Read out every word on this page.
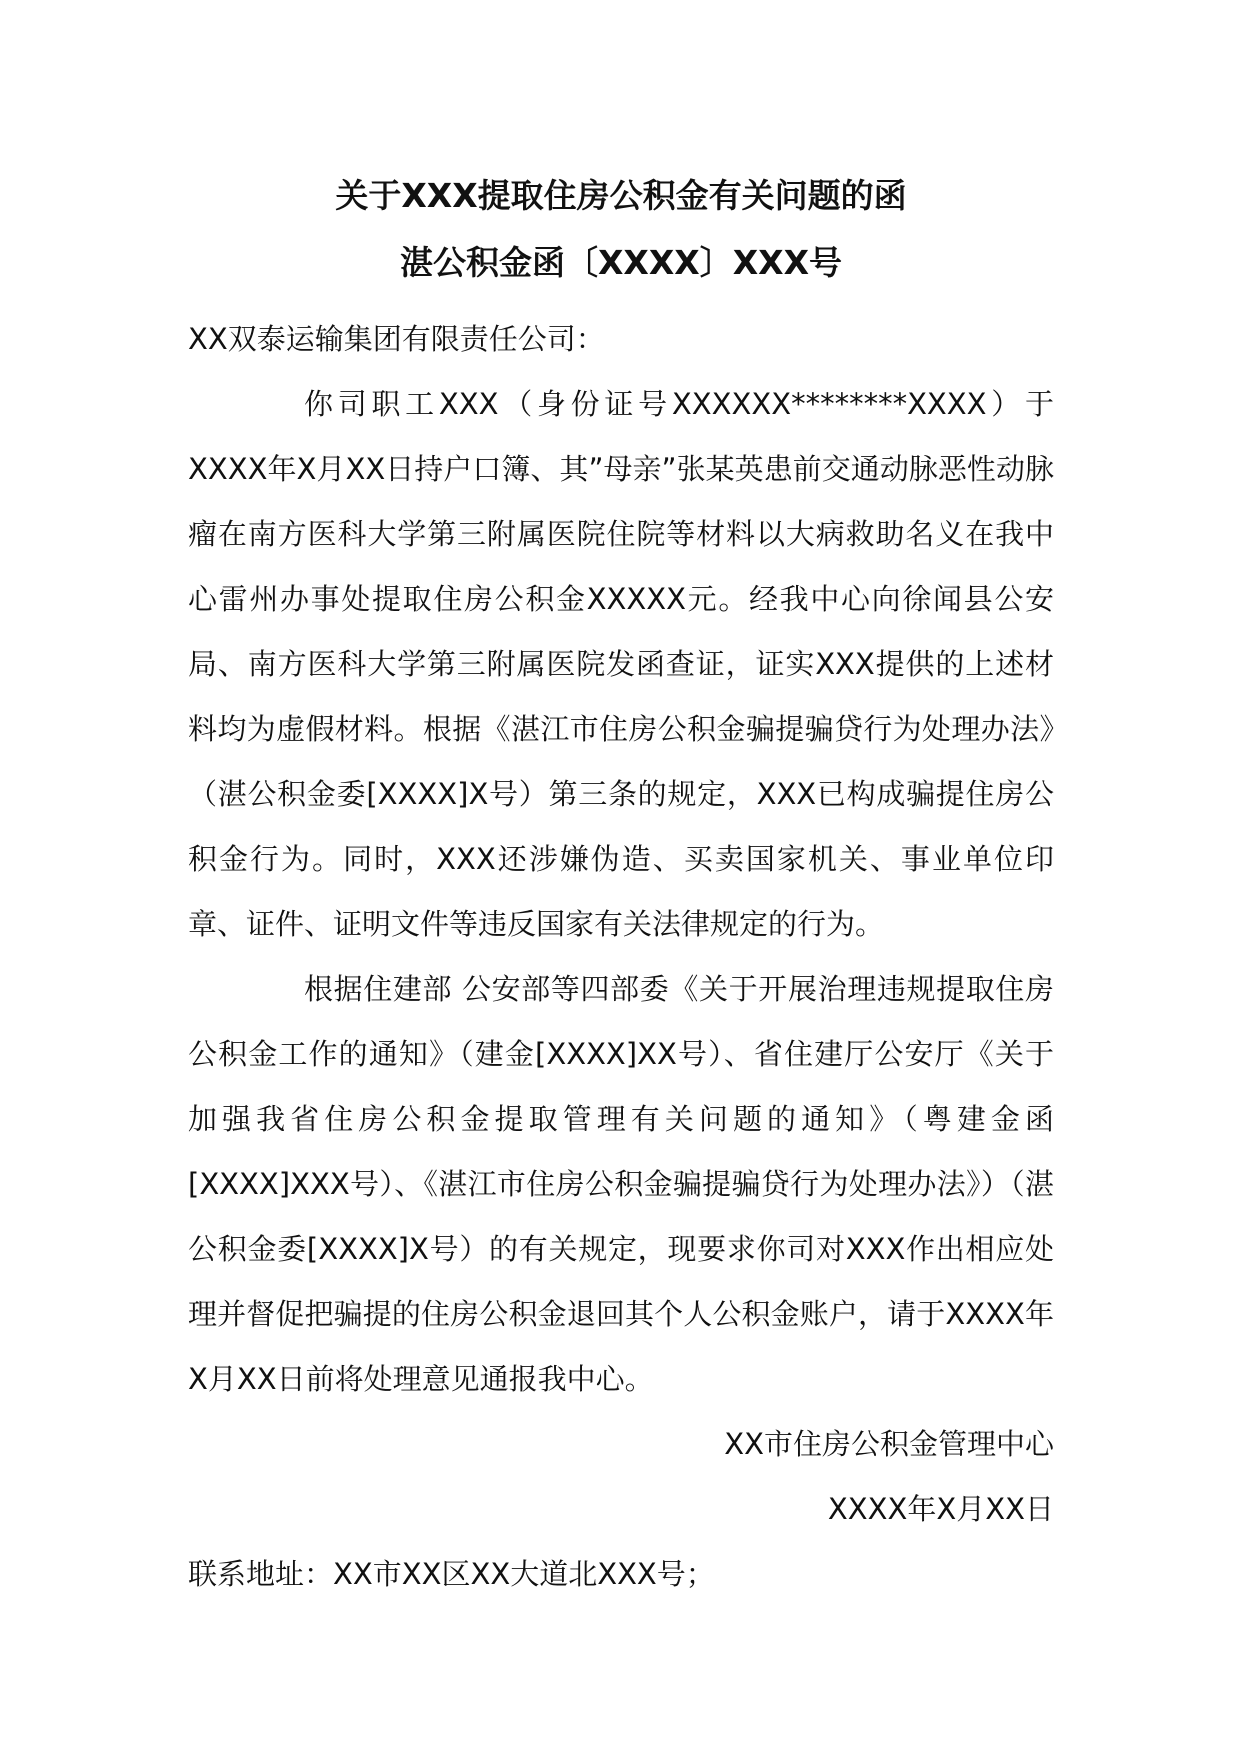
关于XXX提取住房公积金有关问题的函
湛公积金函〔XXXX〕XXX号

XX双泰运输集团有限责任公司：

你司职工XXX（身份证号XXXXXX********XXXX）于XXXX年X月XX日持户口簿、其”母亲”张某英患前交通动脉恶性动脉瘤在南方医科大学第三附属医院住院等材料以大病救助名义在我中心雷州办事处提取住房公积金XXXXX元。经我中心向徐闻县公安局、南方医科大学第三附属医院发函查证，证实XXX提供的上述材料均为虚假材料。根据《湛江市住房公积金骗提骗贷行为处理办法》（湛公积金委[XXXX]X号）第三条的规定，XXX已构成骗提住房公积金行为。同时，XXX还涉嫌伪造、买卖国家机关、事业单位印章、证件、证明文件等违反国家有关法律规定的行为。

根据住建部 公安部等四部委《关于开展治理违规提取住房公积金工作的通知》（建金[XXXX]XX号）、省住建厅公安厅《关于加强我省住房公积金提取管理有关问题的通知》（粤建金函[XXXX]XXX号）、《湛江市住房公积金骗提骗贷行为处理办法》）（湛公积金委[XXXX]X号）的有关规定，现要求你司对XXX作出相应处理并督促把骗提的住房公积金退回其个人公积金账户，请于XXXX年X月XX日前将处理意见通报我中心。

XX市住房公积金管理中心

XXXX年X月XX日

联系地址：XX市XX区XX大道北XXX号；
